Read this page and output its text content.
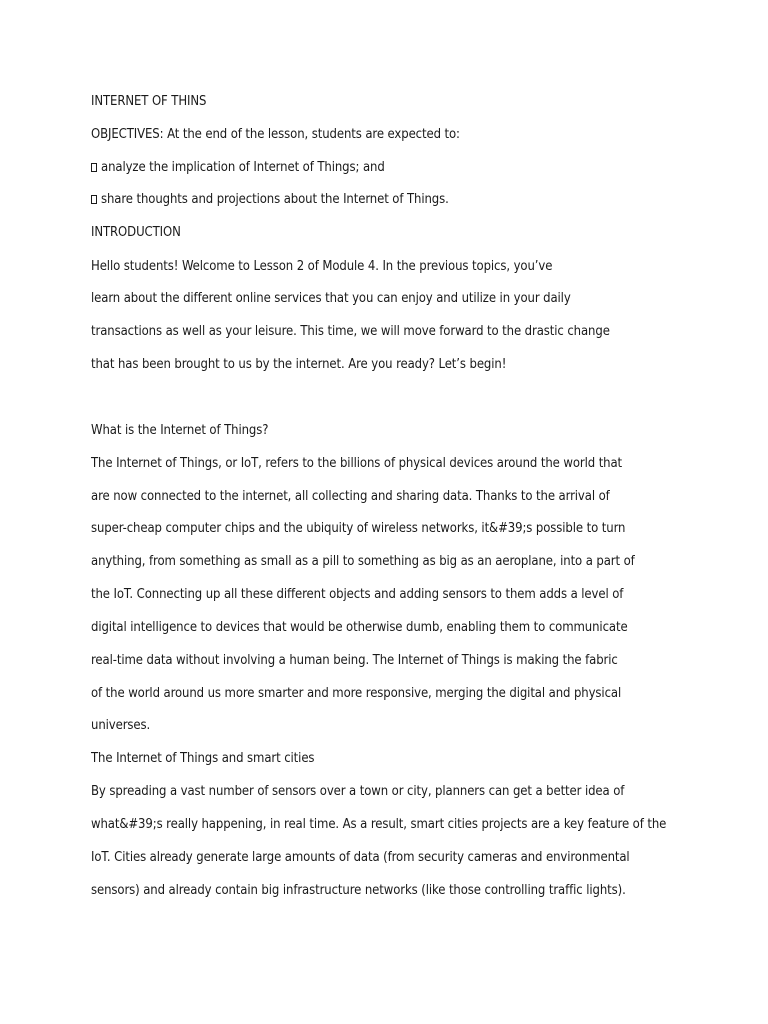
INTERNET OF THINS
OBJECTIVES: At the end of the lesson, students are expected to:
analyze the implication of Internet of Things; and
share thoughts and projections about the Internet of Things.
INTRODUCTION
Hello students! Welcome to Lesson 2 of Module 4. In the previous topics, you’ve
learn about the different online services that you can enjoy and utilize in your daily
transactions as well as your leisure. This time, we will move forward to the drastic change
that has been brought to us by the internet. Are you ready? Let’s begin!
What is the Internet of Things?
The Internet of Things, or IoT, refers to the billions of physical devices around the world that
are now connected to the internet, all collecting and sharing data. Thanks to the arrival of
super-cheap computer chips and the ubiquity of wireless networks, it&#39;s possible to turn
anything, from something as small as a pill to something as big as an aeroplane, into a part of
the IoT. Connecting up all these different objects and adding sensors to them adds a level of
digital intelligence to devices that would be otherwise dumb, enabling them to communicate
real-time data without involving a human being. The Internet of Things is making the fabric
of the world around us more smarter and more responsive, merging the digital and physical
universes.
The Internet of Things and smart cities
By spreading a vast number of sensors over a town or city, planners can get a better idea of
what&#39;s really happening, in real time. As a result, smart cities projects are a key feature of the
IoT. Cities already generate large amounts of data (from security cameras and environmental
sensors) and already contain big infrastructure networks (like those controlling traffic lights).
